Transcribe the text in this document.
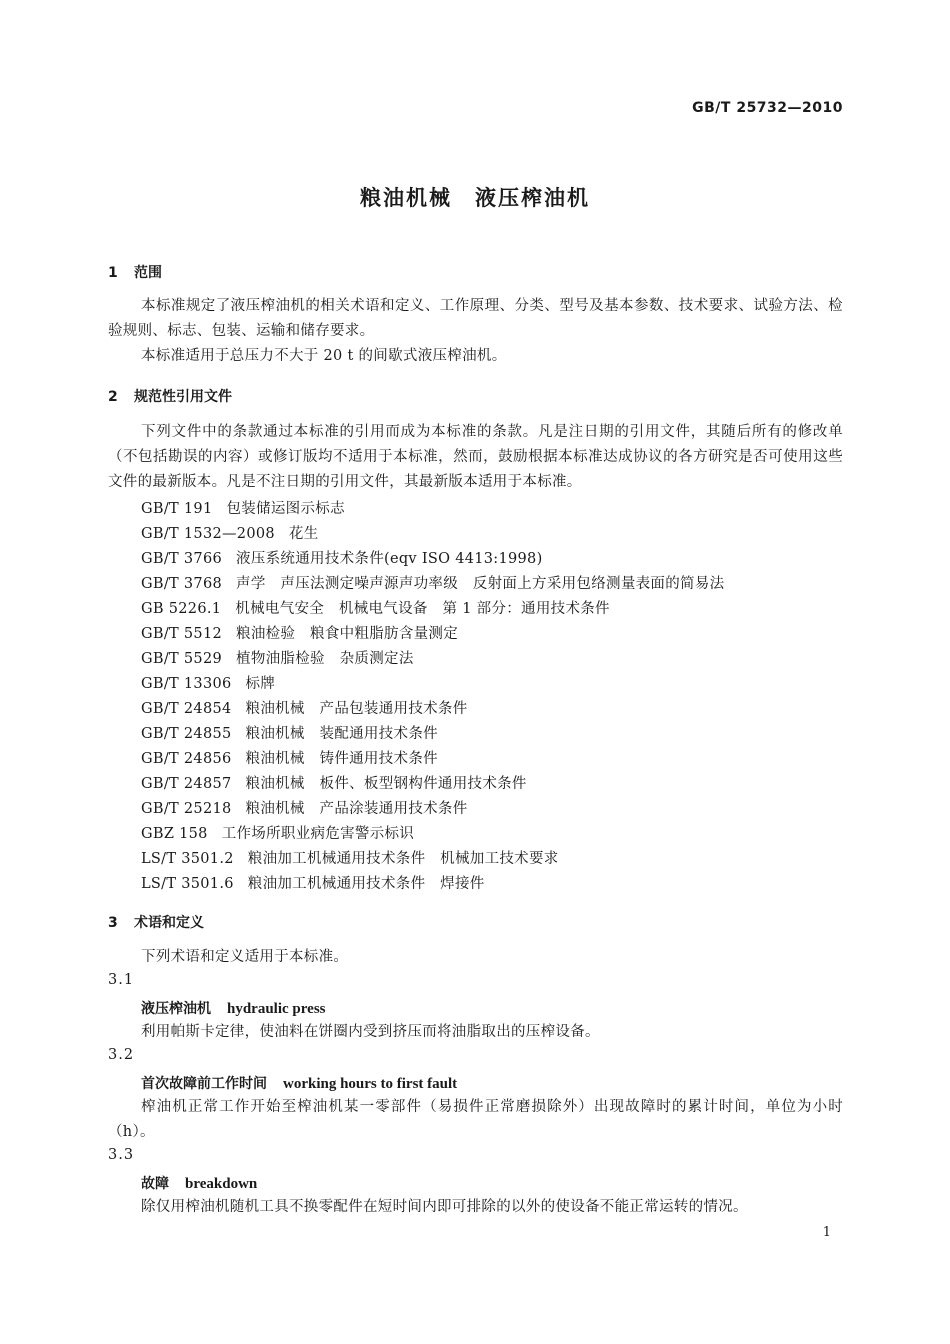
GB/T 25732—2010
粮油机械　液压榨油机
1 范围
本标准规定了液压榨油机的相关术语和定义、工作原理、分类、型号及基本参数、技术要求、试验方法、检验规则、标志、包装、运输和储存要求。
本标准适用于总压力不大于 20 t 的间歇式液压榨油机。
2 规范性引用文件
下列文件中的条款通过本标准的引用而成为本标准的条款。凡是注日期的引用文件，其随后所有的修改单（不包括勘误的内容）或修订版均不适用于本标准，然而，鼓励根据本标准达成协议的各方研究是否可使用这些文件的最新版本。凡是不注日期的引用文件，其最新版本适用于本标准。
GB/T 191 包装储运图示标志
GB/T 1532—2008 花生
GB/T 3766 液压系统通用技术条件(eqv ISO 4413:1998)
GB/T 3768 声学　声压法测定噪声源声功率级　反射面上方采用包络测量表面的简易法
GB 5226.1 机械电气安全　机械电气设备　第 1 部分：通用技术条件
GB/T 5512 粮油检验　粮食中粗脂肪含量测定
GB/T 5529 植物油脂检验　杂质测定法
GB/T 13306 标牌
GB/T 24854 粮油机械　产品包装通用技术条件
GB/T 24855 粮油机械　装配通用技术条件
GB/T 24856 粮油机械　铸件通用技术条件
GB/T 24857 粮油机械　板件、板型钢构件通用技术条件
GB/T 25218 粮油机械　产品涂装通用技术条件
GBZ 158 工作场所职业病危害警示标识
LS/T 3501.2 粮油加工机械通用技术条件　机械加工技术要求
LS/T 3501.6 粮油加工机械通用技术条件　焊接件
3 术语和定义
下列术语和定义适用于本标准。
3.1
液压榨油机 hydraulic press
利用帕斯卡定律，使油料在饼圈内受到挤压而将油脂取出的压榨设备。
3.2
首次故障前工作时间 working hours to first fault
榨油机正常工作开始至榨油机某一零部件（易损件正常磨损除外）出现故障时的累计时间，单位为小时（h）。
3.3
故障 breakdown
除仅用榨油机随机工具不换零配件在短时间内即可排除的以外的使设备不能正常运转的情况。
1
